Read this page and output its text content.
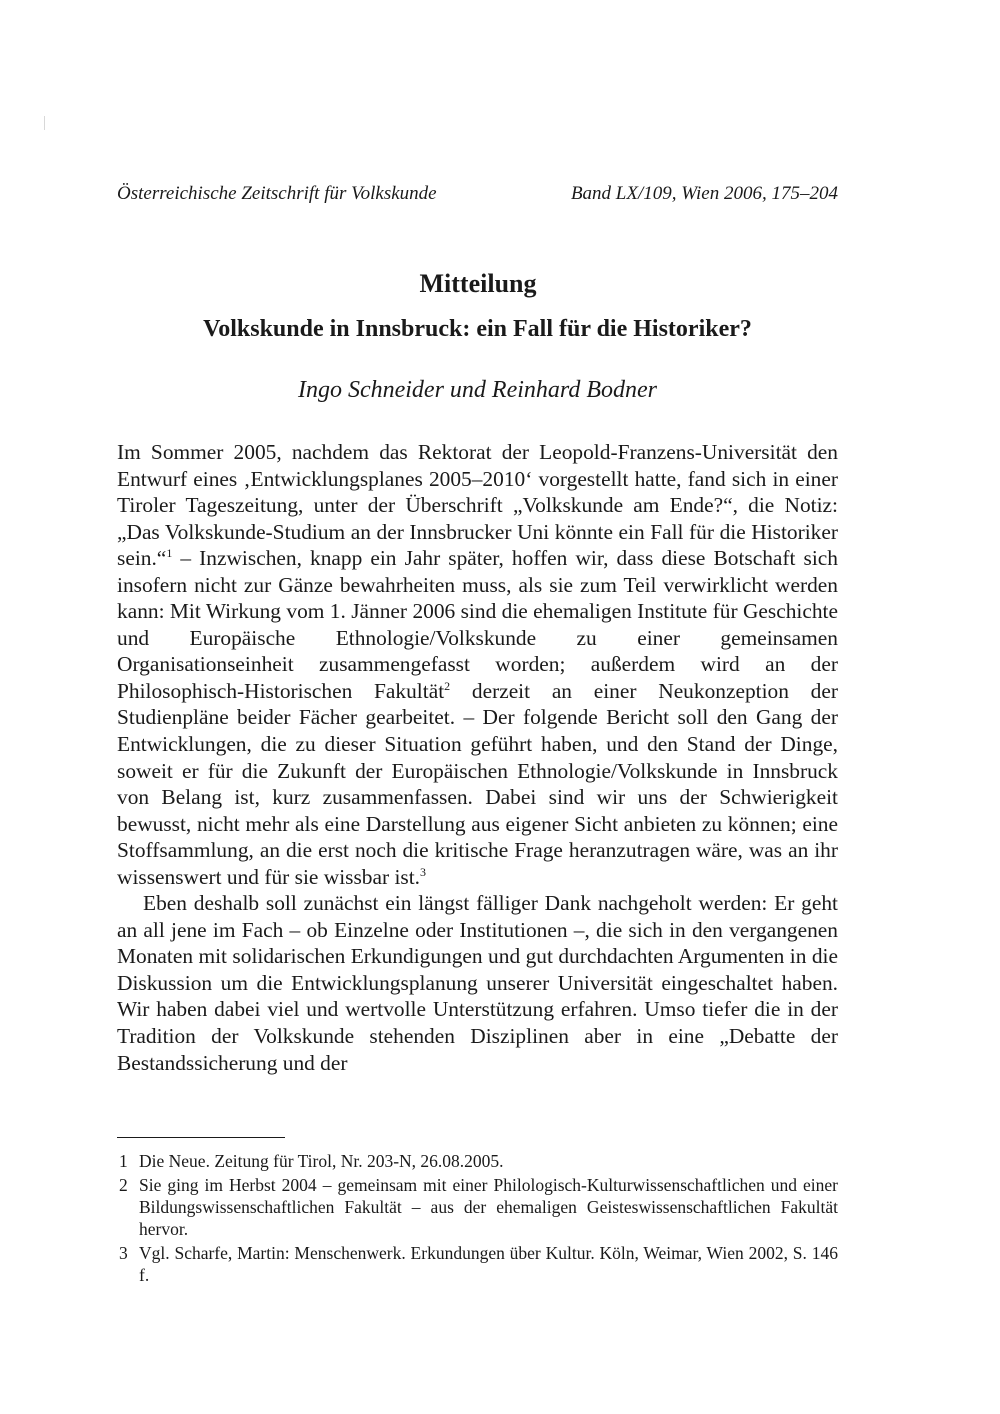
Österreichische Zeitschrift für Volkskunde	Band LX/109, Wien 2006, 175–204
Mitteilung
Volkskunde in Innsbruck: ein Fall für die Historiker?
Ingo Schneider und Reinhard Bodner

Im Sommer 2005, nachdem das Rektorat der Leopold-Franzens-Universität den Entwurf eines ‚Entwicklungsplanes 2005–2010‘ vorgestellt hatte, fand sich in einer Tiroler Tageszeitung, unter der Überschrift „Volkskunde am Ende?“, die Notiz: „Das Volkskunde-Studium an der Innsbrucker Uni könnte ein Fall für die Historiker sein.“$^1$ – Inzwischen, knapp ein Jahr später, hoffen wir, dass diese Botschaft sich insofern nicht zur Gänze bewahrheiten muss, als sie zum Teil verwirklicht werden kann: Mit Wirkung vom 1. Jänner 2006 sind die ehemaligen Institute für Geschichte und Europäische Ethnologie/Volkskunde zu einer gemeinsamen Organisationseinheit zusammengefasst worden; außerdem wird an der Philosophisch-Historischen Fakultät$^2$ derzeit an einer Neukonzeption der Studienpläne beider Fächer gearbeitet. – Der folgende Bericht soll den Gang der Entwicklungen, die zu dieser Situation geführt haben, und den Stand der Dinge, soweit er für die Zukunft der Europäischen Ethnologie/Volkskunde in Innsbruck von Belang ist, kurz zusammenfassen. Dabei sind wir uns der Schwierigkeit bewusst, nicht mehr als eine Darstellung aus eigener Sicht anbieten zu können; eine Stoffsammlung, an die erst noch die kritische Frage heranzutragen wäre, was an ihr wissenswert und für sie wissbar ist.$^3$

Eben deshalb soll zunächst ein längst fälliger Dank nachgeholt werden: Er geht an all jene im Fach – ob Einzelne oder Institutionen –, die sich in den vergangenen Monaten mit solidarischen Erkundigungen und gut durchdachten Argumenten in die Diskussion um die Entwicklungsplanung unserer Universität eingeschaltet haben. Wir haben dabei viel und wertvolle Unterstützung erfahren. Umso tiefer die in der Tradition der Volkskunde stehenden Disziplinen aber in eine „Debatte der Bestandssicherung und der

1 Die Neue. Zeitung für Tirol, Nr. 203-N, 26.08.2005.
2 Sie ging im Herbst 2004 – gemeinsam mit einer Philologisch-Kulturwissenschaftlichen und einer Bildungswissenschaftlichen Fakultät – aus der ehemaligen Geisteswissenschaftlichen Fakultät hervor.
3 Vgl. Scharfe, Martin: Menschenwerk. Erkundungen über Kultur. Köln, Weimar, Wien 2002, S. 146 f.
